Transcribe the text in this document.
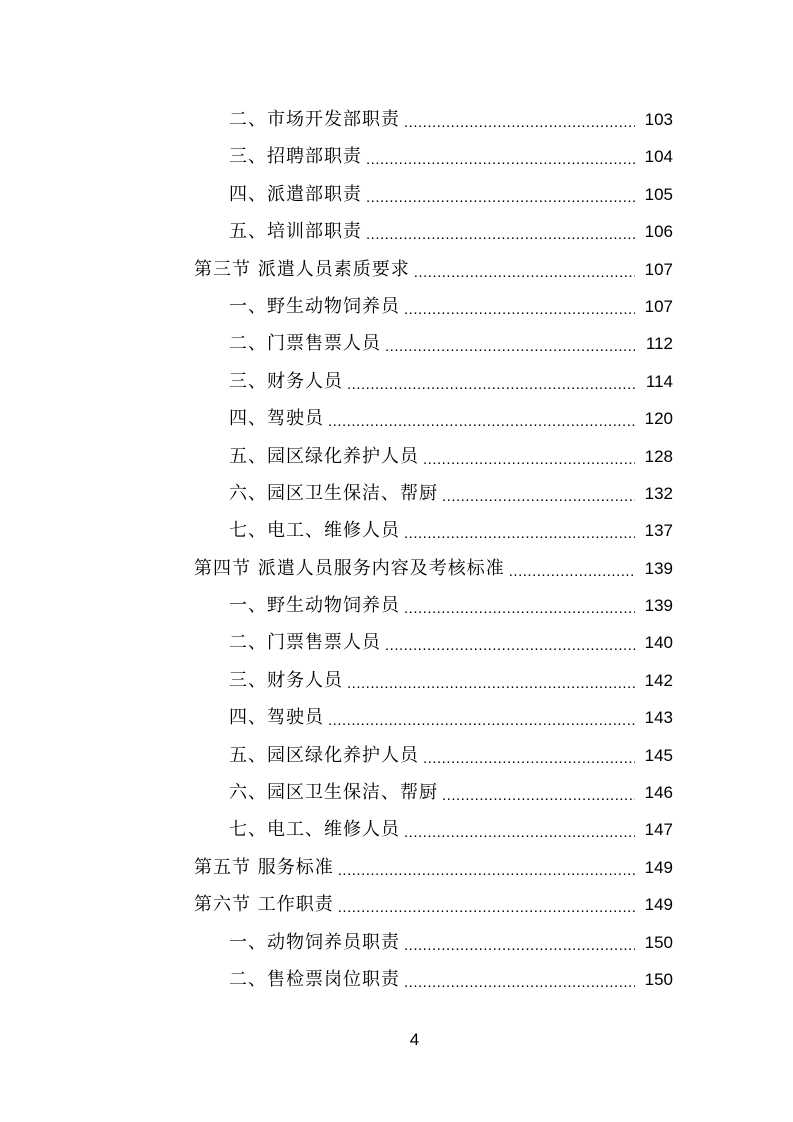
二、市场开发部职责 .....	103
三、招聘部职责 .....	104
四、派遣部职责 .....	105
五、培训部职责 .....	106
第三节 派遣人员素质要求 .....	107
一、野生动物饲养员 .....	107
二、门票售票人员 .....	112
三、财务人员 .....	114
四、驾驶员 .....	120
五、园区绿化养护人员 .....	128
六、园区卫生保洁、帮厨 .....	132
七、电工、维修人员 .....	137
第四节 派遣人员服务内容及考核标准 .....	139
一、野生动物饲养员 .....	139
二、门票售票人员 .....	140
三、财务人员 .....	142
四、驾驶员 .....	143
五、园区绿化养护人员 .....	145
六、园区卫生保洁、帮厨 .....	146
七、电工、维修人员 .....	147
第五节 服务标准 .....	149
第六节 工作职责 .....	149
一、动物饲养员职责 .....	150
二、售检票岗位职责 .....	150
4
